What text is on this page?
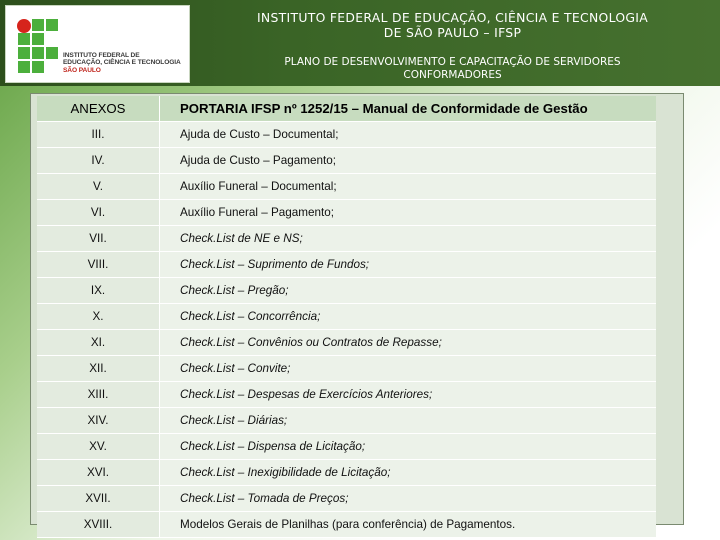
INSTITUTO FEDERAL DE
EDUCAÇÃO, CIÊNCIA E TECNOLOGIA
SÃO PAULO
INSTITUTO FEDERAL DE EDUCAÇÃO, CIÊNCIA E TECNOLOGIA
DE SÃO PAULO – IFSP
PLANO DE DESENVOLVIMENTO E CAPACITAÇÃO DE SERVIDORES
CONFORMADORES
ANEXOS	PORTARIA IFSP nº 1252/15 – Manual de Conformidade de Gestão
III.	Ajuda de Custo – Documental;
IV.	Ajuda de Custo – Pagamento;
V.	Auxílio Funeral – Documental;
VI.	Auxílio Funeral – Pagamento;
VII.	Check.List de NE e NS;
VIII.	Check.List – Suprimento de Fundos;
IX.	Check.List – Pregão;
X.	Check.List – Concorrência;
XI.	Check.List – Convênios ou Contratos de Repasse;
XII.	Check.List – Convite;
XIII.	Check.List – Despesas de Exercícios Anteriores;
XIV.	Check.List – Diárias;
XV.	Check.List – Dispensa de Licitação;
XVI.	Check.List – Inexigibilidade de Licitação;
XVII.	Check.List – Tomada de Preços;
XVIII.	Modelos Gerais de Planilhas (para conferência) de Pagamentos.
